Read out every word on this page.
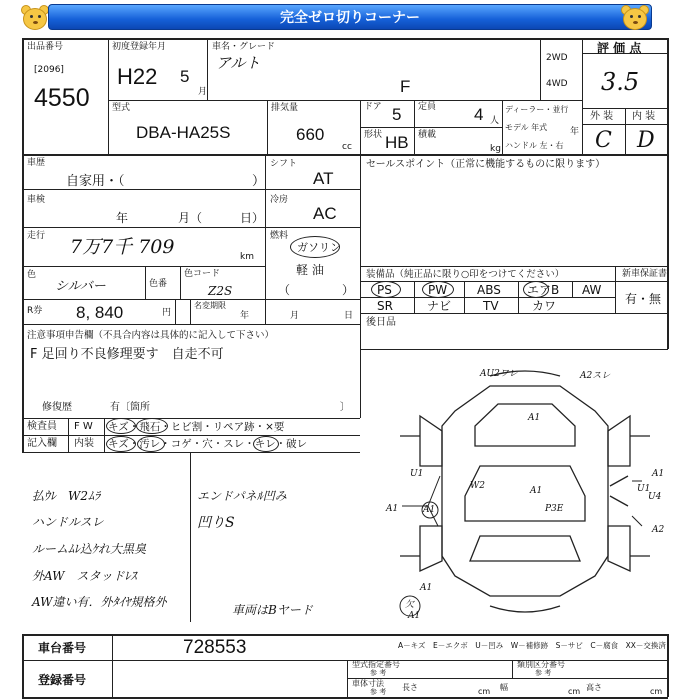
完全ゼロ切りコーナー
出品番号
[2096]
4550
初度登録年月
H22 5
月
車名・グレード
アルト
F
2WD
4WD
評 価 点
3.5
外 装 内 装
C D
型式
DBA-HA25S
排気量
660
cc
ドア 5 定員 4 人
形状 HB 積載
kg
ディーラー・並行
モデル 年式	年
ハンドル 左・右
車歴
自家用・（	）
車検
年	月（	日）
走行 7万7千 709	km
色
シルバー	色番
色コード
Z2S
シフト
AT
冷房
AC
燃料
ガソリン
軽 油
（	）
R券 8, 840	円
名変期限
年	月	日
セールスポイント（正常に機能するものに限ります）
装備品（純正品に限り○印をつけてください）
PS	PW ABS エアB AW
SR	ナビ	TV	カワ
新車保証書
有・無
後日品
注意事項申告欄（不具合内容は具体的に記入して下さい）
F 足回り不良修理要す　自走不可
修復歴	有〔箇所	〕
検査員
記入欄
F W
内装
キズ・飛石・ヒビ割・リペア跡・×要
キズ・汚レ・コゲ・穴・スレ・キレ・破レ
払ｳﾚ　W2ﾑﾗ
ハンドルスレ
ルームﾑﾚ込ｹれ大黒臭
外AW　スタッドﾚｽ
AW違い有．外ﾀｲﾔ規格外
エンドパネﾙ凹み
凹りS
車両はBヤード
AU2ワレ	A2スレ
A1
U1
W2	A1
A1
A1
U1
P3E
A1
U4
A2
A1
欠
A1
A－キズ　E－エクボ　U－凹み　W－補修跡　S－サビ　C－腐食　XX－交換済
車台番号	728553
登録番号
型式指定番号
参 考
類別区分番号
参 考
車体寸法
参 考 長さ	cm 幅	cm 高さ	cm
